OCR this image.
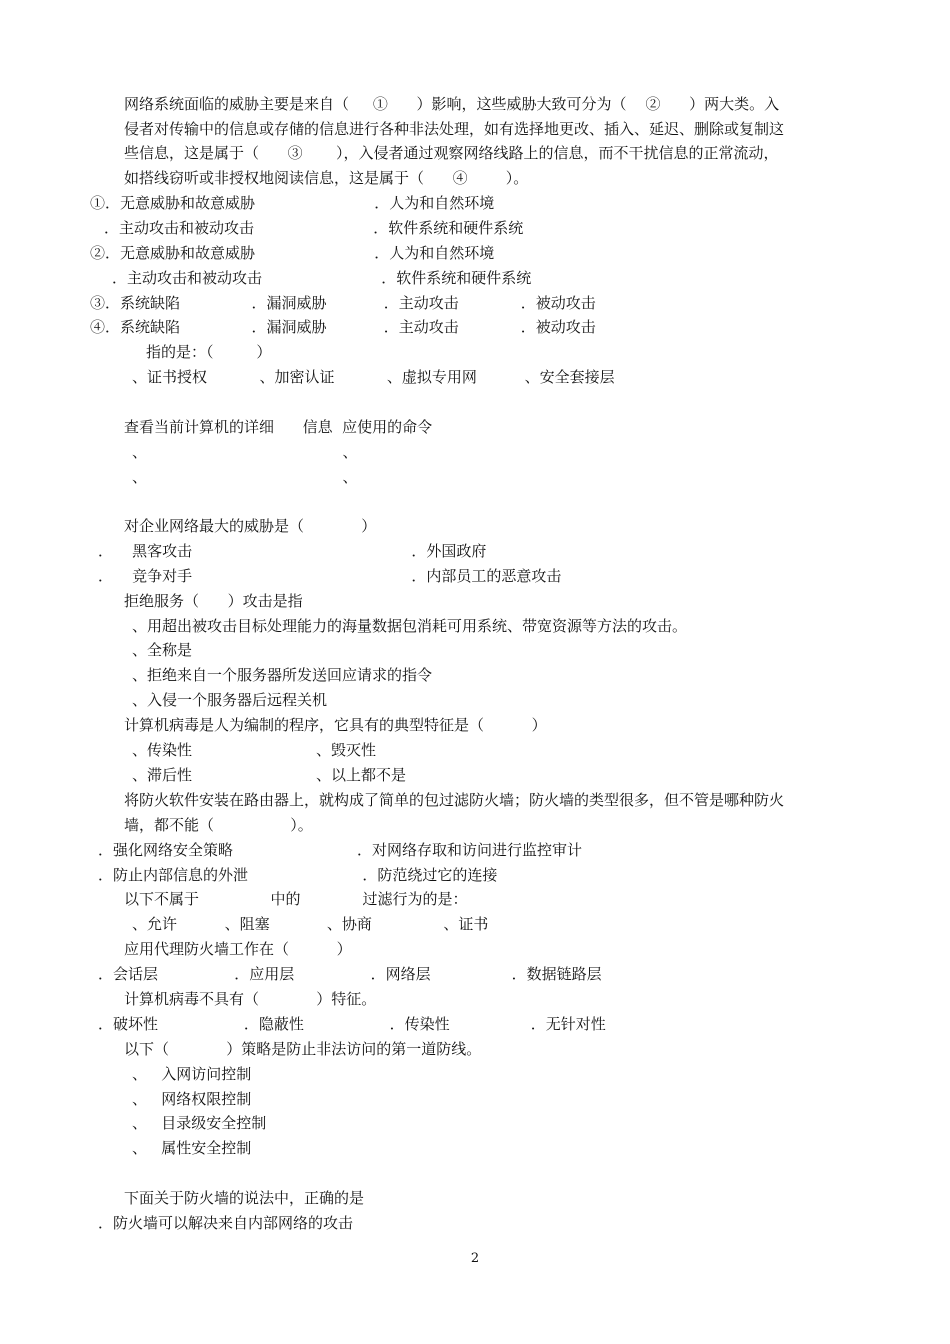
网络系统面临的威胁主要是来自（     ①      ）影响，这些威胁大致可分为（    ②      ）两大类。入
侵者对传输中的信息或存储的信息进行各种非法处理，如有选择地更改、插入、延迟、删除或复制这
些信息，这是属于（      ③       ），入侵者通过观察网络线路上的信息，而不干扰信息的正常流动，
如搭线窃听或非授权地阅读信息，这是属于（      ④        ）。
①．无意威胁和故意威胁                         ．人为和自然环境
．主动攻击和被动攻击                         ．软件系统和硬件系统
②．无意威胁和故意威胁                         ．人为和自然环境
．主动攻击和被动攻击                         ．软件系统和硬件系统
③．系统缺陷               ．漏洞威胁            ．主动攻击             ．被动攻击
④．系统缺陷               ．漏洞威胁            ．主动攻击             ．被动攻击
指的是：（         ）
、证书授权           、加密认证           、虚拟专用网          、安全套接层
查看当前计算机的详细      信息  应使用的命令
、                                         、
、                                         、
对企业网络最大的威胁是（            ）
．    黑客攻击                                              ．外国政府
．    竞争对手                                              ．内部员工的恶意攻击
拒绝服务（      ）攻击是指
、用超出被攻击目标处理能力的海量数据包消耗可用系统、带宽资源等方法的攻击。
、全称是
、拒绝来自一个服务器所发送回应请求的指令
、入侵一个服务器后远程关机
计算机病毒是人为编制的程序，它具有的典型特征是（          ）
、传染性                          、毁灭性
、滞后性                          、以上都不是
将防火软件安装在路由器上，就构成了简单的包过滤防火墙；防火墙的类型很多，但不管是哪种防火
墙，都不能（                ）。
．强化网络安全策略                          ．对网络存取和访问进行监控审计
．防止内部信息的外泄                        ．防范绕过它的连接
以下不属于               中的             过滤行为的是：
、允许          、阻塞            、协商               、证书
应用代理防火墙工作在（          ）
．会话层                ．应用层                ．网络层                 ．数据链路层
计算机病毒不具有（            ）特征。
．破坏性                  ．隐蔽性                  ．传染性                 ．无针对性
以下（            ）策略是防止非法访问的第一道防线。
、   入网访问控制
、   网络权限控制
、   目录级安全控制
、   属性安全控制
下面关于防火墙的说法中，正确的是
．防火墙可以解决来自内部网络的攻击
2
